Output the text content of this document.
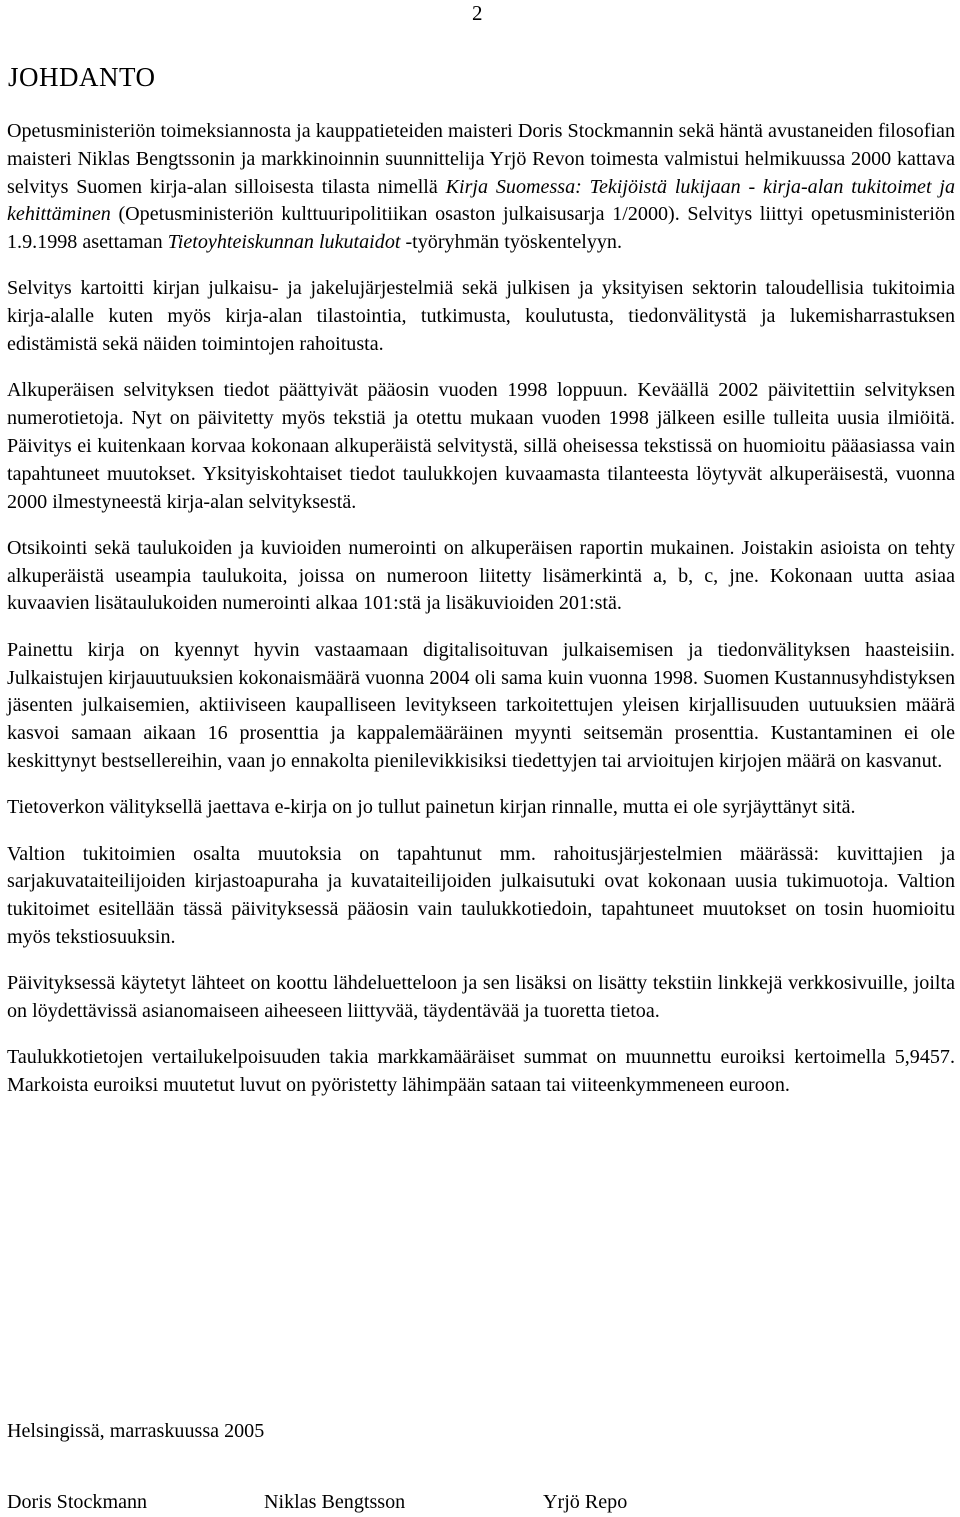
2
JOHDANTO

Opetusministeriön toimeksiannosta ja kauppatieteiden maisteri Doris Stockmannin sekä häntä avustaneiden filosofian maisteri Niklas Bengtssonin ja markkinoinnin suunnittelija Yrjö Revon toimesta valmistui helmikuussa 2000 kattava selvitys Suomen kirja-alan silloisesta tilasta nimellä Kirja Suomessa: Tekijöistä lukijaan - kirja-alan tukitoimet ja kehittäminen (Opetusministeriön kulttuuripolitiikan osaston julkaisusarja 1/2000). Selvitys liittyi opetusministeriön 1.9.1998 asettaman Tietoyhteiskunnan lukutaidot -työryhmän työskentelyyn.

Selvitys kartoitti kirjan julkaisu- ja jakelujärjestelmiä sekä julkisen ja yksityisen sektorin taloudellisia tukitoimia kirja-alalle kuten myös kirja-alan tilastointia, tutkimusta, koulutusta, tiedonvälitystä ja lukemisharrastuksen edistämistä sekä näiden toimintojen rahoitusta.

Alkuperäisen selvityksen tiedot päättyivät pääosin vuoden 1998 loppuun. Keväällä 2002 päivitettiin selvityksen numerotietoja. Nyt on päivitetty myös tekstiä ja otettu mukaan vuoden 1998 jälkeen esille tulleita uusia ilmiöitä. Päivitys ei kuitenkaan korvaa kokonaan alkuperäistä selvitystä, sillä oheisessa tekstissä on huomioitu pääasiassa vain tapahtuneet muutokset. Yksityiskohtaiset tiedot taulukkojen kuvaamasta tilanteesta löytyvät alkuperäisestä, vuonna 2000 ilmestyneestä kirja-alan selvityksestä.

Otsikointi sekä taulukoiden ja kuvioiden numerointi on alkuperäisen raportin mukainen. Joistakin asioista on tehty alkuperäistä useampia taulukoita, joissa on numeroon liitetty lisämerkintä a, b, c, jne. Kokonaan uutta asiaa kuvaavien lisätaulukoiden numerointi alkaa 101:stä ja lisäkuvioiden 201:stä.

Painettu kirja on kyennyt hyvin vastaamaan digitalisoituvan julkaisemisen ja tiedonvälityksen haasteisiin. Julkaistujen kirjauutuuksien kokonaismäärä vuonna 2004 oli sama kuin vuonna 1998. Suomen Kustannusyhdistyksen jäsenten julkaisemien, aktiiviseen kaupalliseen levitykseen tarkoitettujen yleisen kirjallisuuden uutuuksien määrä kasvoi samaan aikaan 16 prosenttia ja kappalemääräinen myynti seitsemän prosenttia. Kustantaminen ei ole keskittynyt bestsellereihin, vaan jo ennakolta pienilevikkisiksi tiedettyjen tai arvioitujen kirjojen määrä on kasvanut.

Tietoverkon välityksellä jaettava e-kirja on jo tullut painetun kirjan rinnalle, mutta ei ole syrjäyttänyt sitä.

Valtion tukitoimien osalta muutoksia on tapahtunut mm. rahoitusjärjestelmien määrässä: kuvittajien ja sarjakuvataiteilijoiden kirjastoapuraha ja kuvataiteilijoiden julkaisutuki ovat kokonaan uusia tukimuotoja. Valtion tukitoimet esitellään tässä päivityksessä pääosin vain taulukkotiedoin, tapahtuneet muutokset on tosin huomioitu myös tekstiosuuksin.

Päivityksessä käytetyt lähteet on koottu lähdeluetteloon ja sen lisäksi on lisätty tekstiin linkkejä verkkosivuille, joilta on löydettävissä asianomaiseen aiheeseen liittyvää, täydentävää ja tuoretta tietoa.

Taulukkotietojen vertailukelpoisuuden takia markkamääräiset summat on muunnettu euroiksi kertoimella 5,9457. Markoista euroiksi muutetut luvut on pyöristetty lähimpään sataan tai viiteenkymmeneen euroon.

Helsingissä, marraskuussa 2005

Doris Stockmann	Niklas Bengtsson	Yrjö Repo
